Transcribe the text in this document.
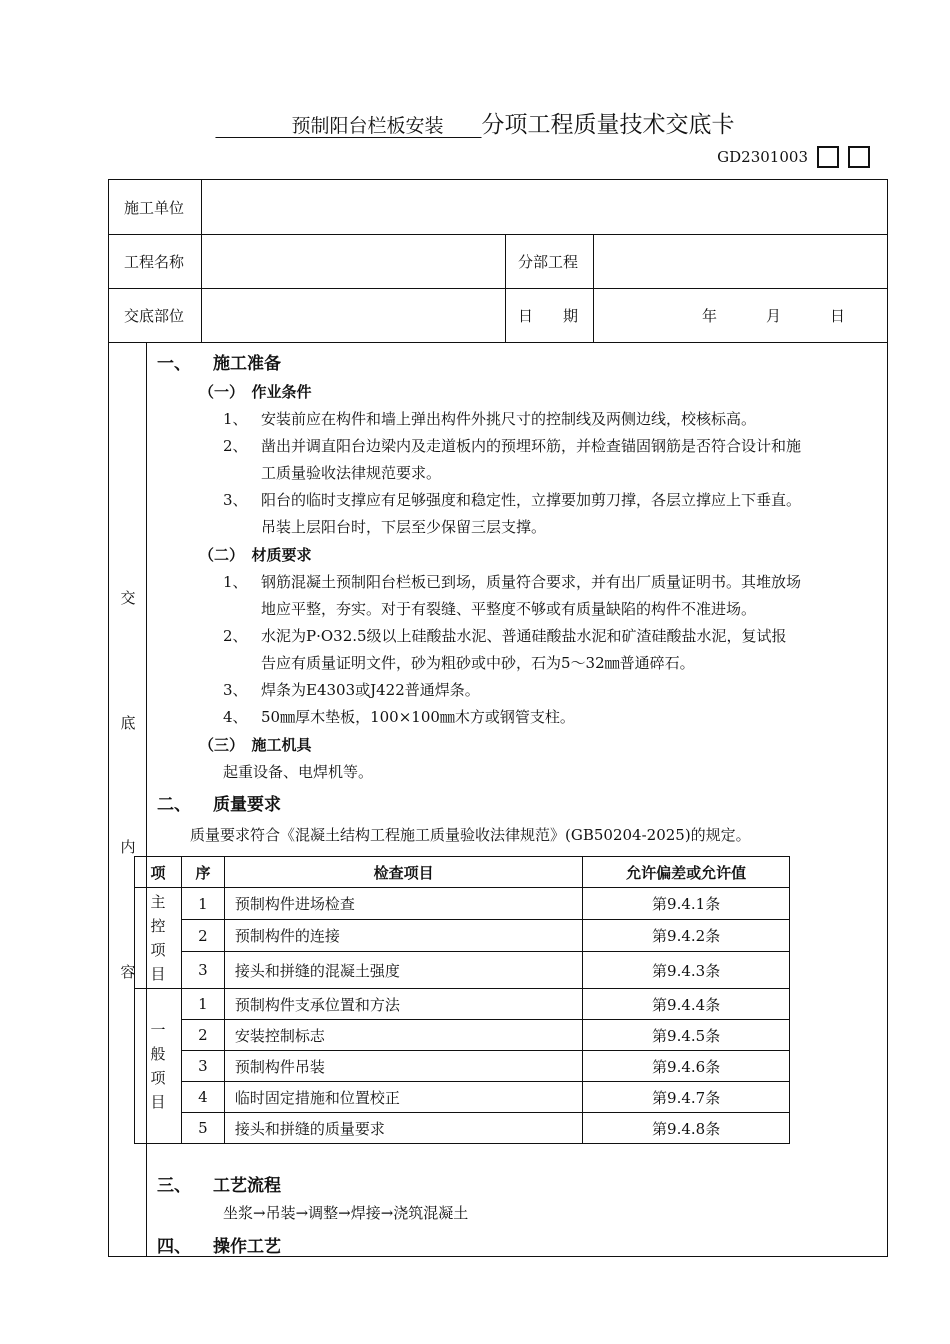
　　　　预制阳台栏板安装　　 分项工程质量技术交底卡
GD2301003
施工单位
工程名称	分部工程
交底部位	日　　期	年	月	日
交
底
内
容
一、	施工准备
（一）　作业条件
1、 安装前应在构件和墙上弹出构件外挑尺寸的控制线及两侧边线，校核标高。
2、 凿出并调直阳台边梁内及走道板内的预埋环筋，并检查锚固钢筋是否符合设计和施
工质量验收法律规范要求。
3、 阳台的临时支撑应有足够强度和稳定性，立撑要加剪刀撑，各层立撑应上下垂直。
吊装上层阳台时，下层至少保留三层支撑。
（二）　材质要求
1、 钢筋混凝土预制阳台栏板已到场，质量符合要求，并有出厂质量证明书。其堆放场
地应平整，夯实。对于有裂缝、平整度不够或有质量缺陷的构件不准进场。
2、 水泥为P·O32.5级以上硅酸盐水泥、普通硅酸盐水泥和矿渣硅酸盐水泥，复试报
告应有质量证明文件，砂为粗砂或中砂，石为5～32㎜普通碎石。
3、 焊条为E4303或J422普通焊条。
4、 50㎜厚木垫板，100×100㎜木方或钢管支柱。
（三）　施工机具
起重设备、电焊机等。
二、	质量要求
质量要求符合《混凝土结构工程施工质量验收法律规范》(GB50204-2025)的规定。
项	序	检查项目	允许偏差或允许值
主控项目	1	预制构件进场检查	第9.4.1条
	2	预制构件的连接	第9.4.2条
	3	接头和拼缝的混凝土强度	第9.4.3条
一般项目	1	预制构件支承位置和方法	第9.4.4条
	2	安装控制标志	第9.4.5条
	3	预制构件吊装	第9.4.6条
	4	临时固定措施和位置校正	第9.4.7条
	5	接头和拼缝的质量要求	第9.4.8条
三、	工艺流程
坐浆→吊装→调整→焊接→浇筑混凝土
四、	操作工艺
